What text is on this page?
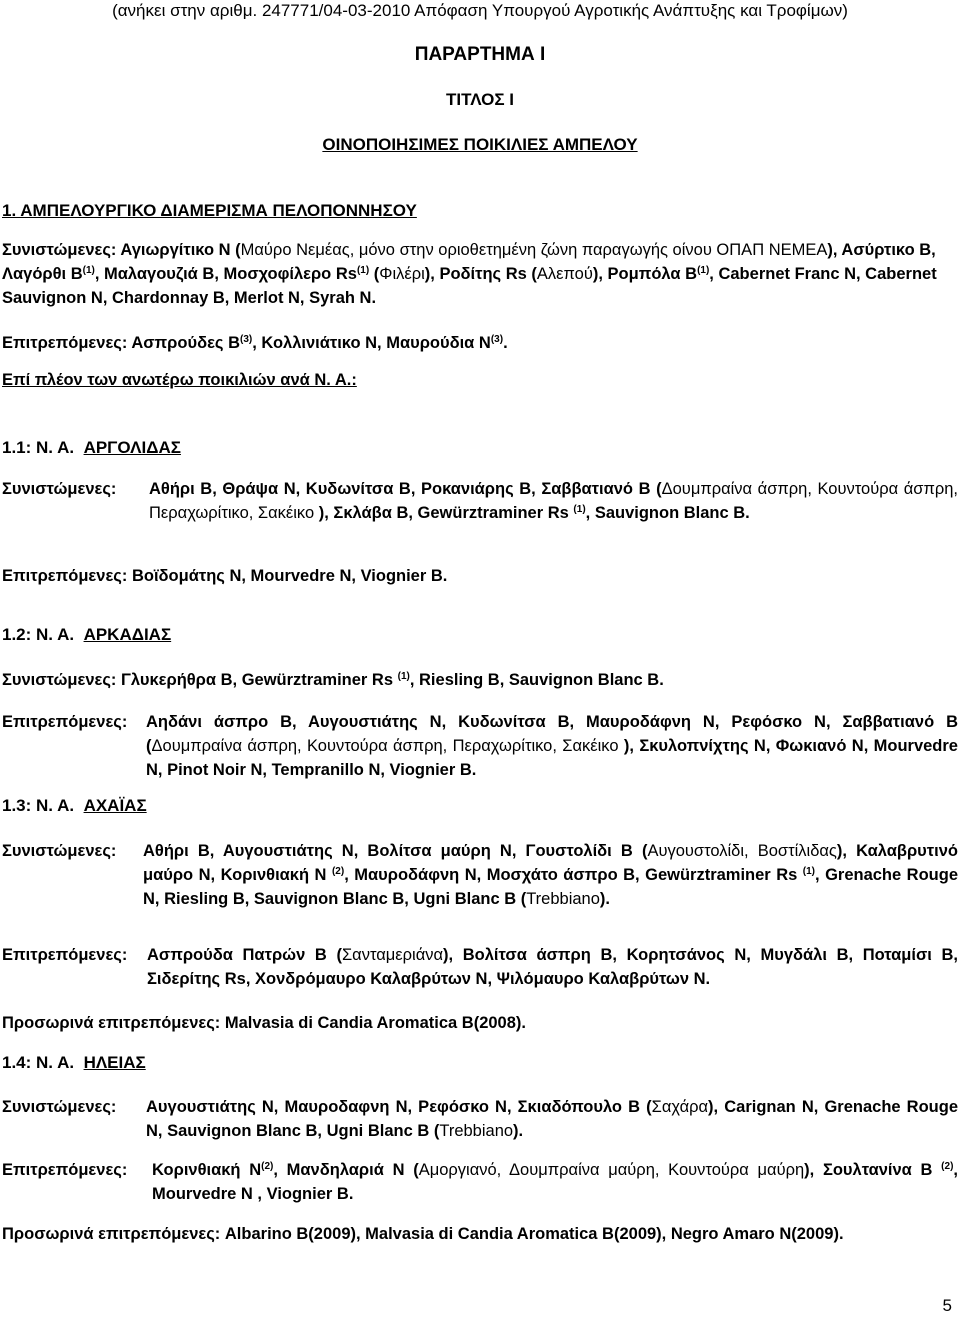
(ανήκει στην αριθμ. 247771/04-03-2010 Απόφαση Υπουργού Αγροτικής Ανάπτυξης και Τροφίμων)
ΠΑΡΑΡΤΗΜΑ Ι
ΤΙΤΛΟΣ Ι
ΟΙΝΟΠΟΙΗΣΙΜΕΣ ΠΟΙΚΙΛΙΕΣ ΑΜΠΕΛΟΥ
1. ΑΜΠΕΛΟΥΡΓΙΚΟ ΔΙΑΜΕΡΙΣΜΑ ΠΕΛΟΠΟΝΝΗΣΟΥ
Συνιστώμενες: Αγιωργίτικο Ν (Μαύρο Νεμέας, μόνο στην οριοθετημένη ζώνη παραγωγής οίνου ΟΠΑΠ ΝΕΜΕΑ), Ασύρτικο Β, Λαγόρθι $B^{(1)}$, Μαλαγουζιά Β, Μοσχοφίλερο Rs$^{(1)}$ (Φιλέρι), Ροδίτης Rs (Αλεπού), Ρομπόλα $B^{(1)}$, Cabernet Franc N, Cabernet Sauvignon N, Chardonnay B, Merlot N, Syrah N.
Επιτρεπόμενες: Ασπρούδες $B^{(3)}$, Κολλινιάτικο Ν, Μαυρούδια $N^{(3)}$.
Επί πλέον των ανωτέρω ποικιλιών ανά Ν. Α.:
1.1: Ν. Α. ΑΡΓΟΛΙΔΑΣ
Συνιστώμενες:	Αθήρι Β, Θράψα Ν, Κυδωνίτσα Β, Ροκανιάρης Β, Σαββατιανό Β (Δουμπραίνα άσπρη, Κουντούρα άσπρη, Περαχωρίτικο, Σακέικο ), Σκλάβα Β, Gewürztraminer Rs $^{(1)}$, Sauvignon Blanc B.
Επιτρεπόμενες: Βοϊδομάτης Ν, Mourvedre N, Viognier B.
1.2: Ν. Α. ΑΡΚΑΔΙΑΣ
Συνιστώμενες: Γλυκερήθρα Β, Gewürztraminer Rs $^{(1)}$, Riesling B, Sauvignon Blanc B.
Επιτρεπόμενες:	Αηδάνι άσπρο Β, Αυγουστιάτης Ν, Κυδωνίτσα Β, Μαυροδάφνη Ν, Ρεφόσκο Ν, Σαββατιανό Β (Δουμπραίνα άσπρη, Κουντούρα άσπρη, Περαχωρίτικο, Σακέικο ), Σκυλοπνίχτης Ν, Φωκιανό Ν, Mourvedre N, Pinot Noir N, Tempranillo N, Viognier B.
1.3: Ν. Α. ΑΧΑΪΑΣ
Συνιστώμενες:	Αθήρι Β, Αυγουστιάτης Ν, Βολίτσα μαύρη Ν, Γουστολίδι Β (Αυγουστολίδι, Βοστίλιδας), Καλαβρυτινό μαύρο Ν, Κορινθιακή Ν $^{(2)}$, Μαυροδάφνη Ν, Μοσχάτο άσπρο Β, Gewürztraminer Rs $^{(1)}$, Grenache Rouge N, Riesling B, Sauvignon Blanc B, Ugni Blanc B (Trebbiano).
Επιτρεπόμενες:	Ασπρούδα Πατρών Β (Σανταμεριάνα), Βολίτσα άσπρη Β, Κορητσάνος Ν, Μυγδάλι Β, Ποταμίσι Β, Σιδερίτης Rs, Χονδρόμαυρο Καλαβρύτων Ν, Ψιλόμαυρο Καλαβρύτων Ν.
Προσωρινά επιτρεπόμενες: Malvasia di Candia Aromatica B(2008).
1.4: Ν. Α. ΗΛΕΙΑΣ
Συνιστώμενες:	Αυγουστιάτης Ν, Μαυροδαφνη Ν, Ρεφόσκο Ν, Σκιαδόπουλο Β (Σαχάρα), Carignan N, Grenache Rouge N, Sauvignon Blanc B, Ugni Blanc B (Trebbiano).
Επιτρεπόμενες:	Κορινθιακή $N^{(2)}$, Μανδηλαριά Ν (Αμοργιανό, Δουμπραίνα μαύρη, Κουντούρα μαύρη), Σουλτανίνα Β $^{(2)}$, Mourvedre N , Viognier B.
Προσωρινά επιτρεπόμενες: Albarino B(2009), Malvasia di Candia Aromatica B(2009), Negro Amaro N(2009).
5
